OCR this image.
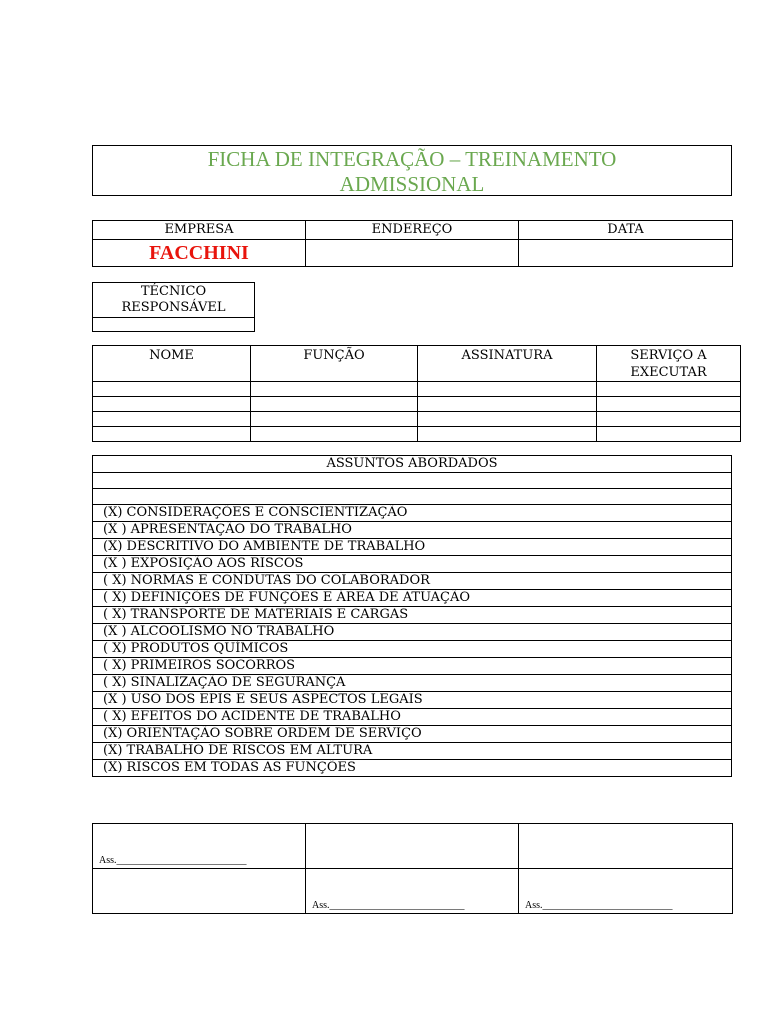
FICHA DE INTEGRAÇÃO – TREINAMENTO
ADMISSIONAL
EMPRESA	ENDEREÇO	DATA
FACCHINI		
TÉCNICO
RESPONSÁVEL

NOME	FUNÇÃO	ASSINATURA	SERVIÇO A EXECUTAR

ASSUNTOS ABORDADOS

(X) CONSIDERAÇÕES E CONSCIENTIZAÇÃO
(X ) APRESENTAÇÃO DO TRABALHO
(X) DESCRITIVO DO AMBIENTE DE TRABALHO
(X ) EXPOSIÇÃO AOS RISCOS
( X) NORMAS E CONDUTAS DO COLABORADOR
( X) DEFINIÇÕES DE FUNÇÕES E ÁREA DE ATUAÇÃO
( X) TRANSPORTE DE MATERIAIS E CARGAS
(X ) ALCOOLISMO NO TRABALHO
( X) PRODUTOS QUÍMICOS
( X) PRIMEIROS SOCORROS
( X) SINALIZAÇÃO DE SEGURANÇA
(X ) USO DOS EPIS E SEUS ASPECTOS LEGAIS
( X) EFEITOS DO ACIDENTE DE TRABALHO
(X) ORIENTAÇÃO SOBRE ORDEM DE SERVIÇO
(X) TRABALHO DE RISCOS EM ALTURA
(X) RISCOS EM TODAS AS FUNÇÕES
Ass.__________________________		
	Ass.___________________________	Ass.__________________________
